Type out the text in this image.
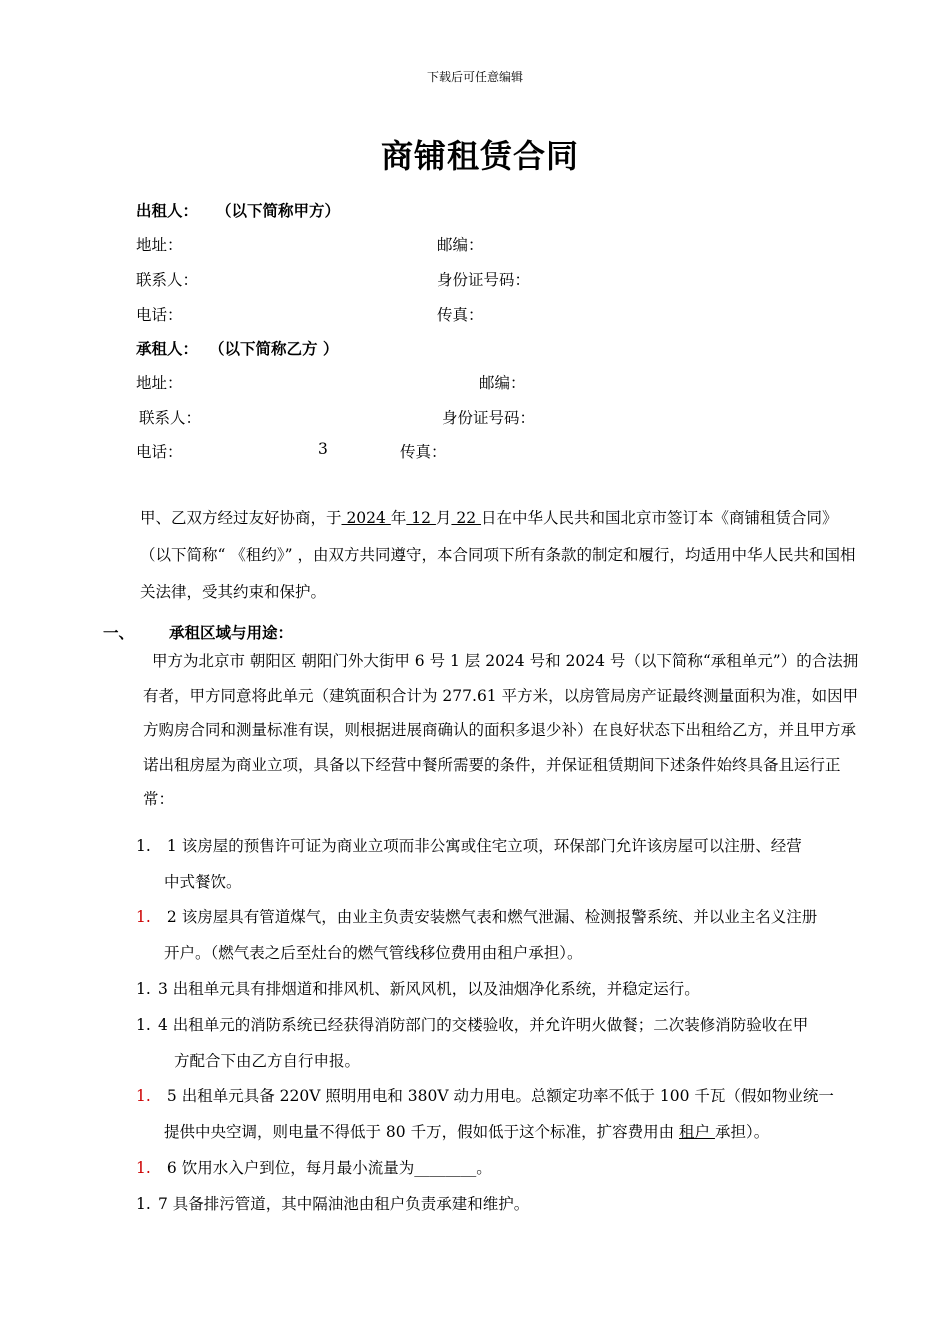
下载后可任意编辑
商铺租赁合同
出租人： （以下简称甲方）
地址：	邮编：
联系人：	身份证号码：
电话：	传真：
承租人： （以下简称乙方 ）
地址：	邮编：
联系人：	身份证号码：
电话：	3	传真：
甲、乙双方经过友好协商，于 2024 年 12 月 22 日在中华人民共和国北京市签订本《商铺租赁合同》（以下简称“ 《租约》” ，由双方共同遵守，本合同项下所有条款的制定和履行，均适用中华人民共和国相关法律，受其约束和保护。
一、 承租区域与用途：
甲方为北京市 朝阳区 朝阳门外大街甲 6 号 1 层 2024 号和 2024 号（以下简称“承租单元”）的合法拥有者，甲方同意将此单元（建筑面积合计为 277.61 平方米，以房管局房产证最终测量面积为准，如因甲方购房合同和测量标准有误，则根据进展商确认的面积多退少补）在良好状态下出租给乙方，并且甲方承诺出租房屋为商业立项，具备以下经营中餐所需要的条件，并保证租赁期间下述条件始终具备且运行正常：
1. 1 该房屋的预售许可证为商业立项而非公寓或住宅立项，环保部门允许该房屋可以注册、经营
中式餐饮。
1. 2 该房屋具有管道煤气，由业主负责安装燃气表和燃气泄漏、检测报警系统、并以业主名义注册
开户。（燃气表之后至灶台的燃气管线移位费用由租户承担）。
1. 3 出租单元具有排烟道和排风机、新风风机，以及油烟净化系统，并稳定运行。
1. 4 出租单元的消防系统已经获得消防部门的交楼验收，并允许明火做餐；二次装修消防验收在甲
方配合下由乙方自行申报。
1. 5 出租单元具备 220V 照明用电和 380V 动力用电。总额定功率不低于 100 千瓦（假如物业统一
提供中央空调，则电量不得低于 80 千万，假如低于这个标准，扩容费用由 租户 承担）。
1. 6 饮用水入户到位，每月最小流量为________。
1. 7 具备排污管道，其中隔油池由租户负责承建和维护。
